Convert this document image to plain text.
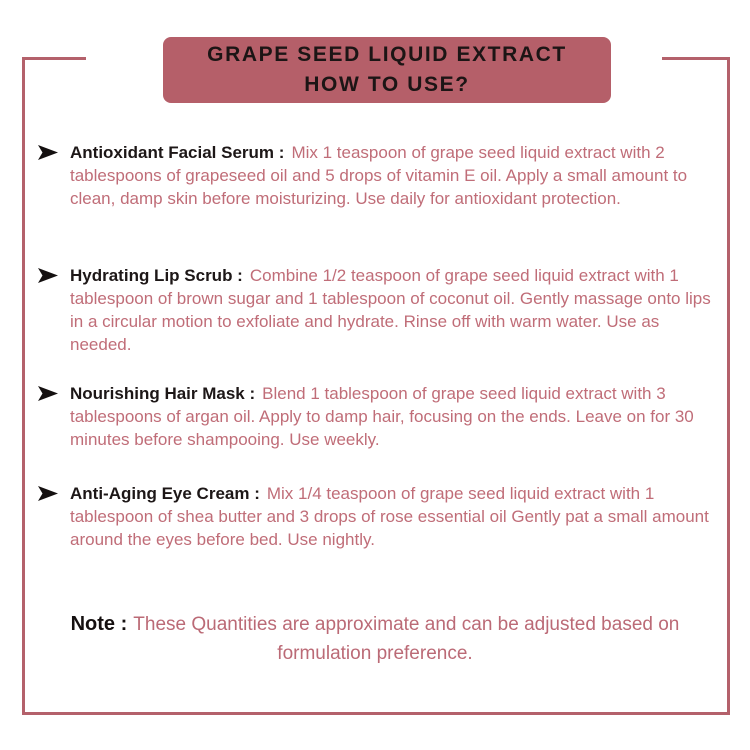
GRAPE SEED LIQUID EXTRACT
HOW TO USE?

Antioxidant Facial Serum : Mix 1 teaspoon of grape seed liquid extract with 2 tablespoons of grapeseed oil and 5 drops of vitamin E oil. Apply a small amount to clean, damp skin before moisturizing. Use daily for antioxidant protection.

Hydrating Lip Scrub : Combine 1/2 teaspoon of grape seed liquid extract with 1 tablespoon of brown sugar and 1 tablespoon of coconut oil. Gently massage onto lips in a circular motion to exfoliate and hydrate. Rinse off with warm water. Use as needed.

Nourishing Hair Mask : Blend 1 tablespoon of grape seed liquid extract with 3 tablespoons of argan oil. Apply to damp hair, focusing on the ends. Leave on for 30 minutes before shampooing. Use weekly.

Anti-Aging Eye Cream : Mix 1/4 teaspoon of grape seed liquid extract with 1 tablespoon of shea butter and 3 drops of rose essential oil Gently pat a small amount around the eyes before bed. Use nightly.

Note : These Quantities are approximate and can be adjusted based on formulation preference.
